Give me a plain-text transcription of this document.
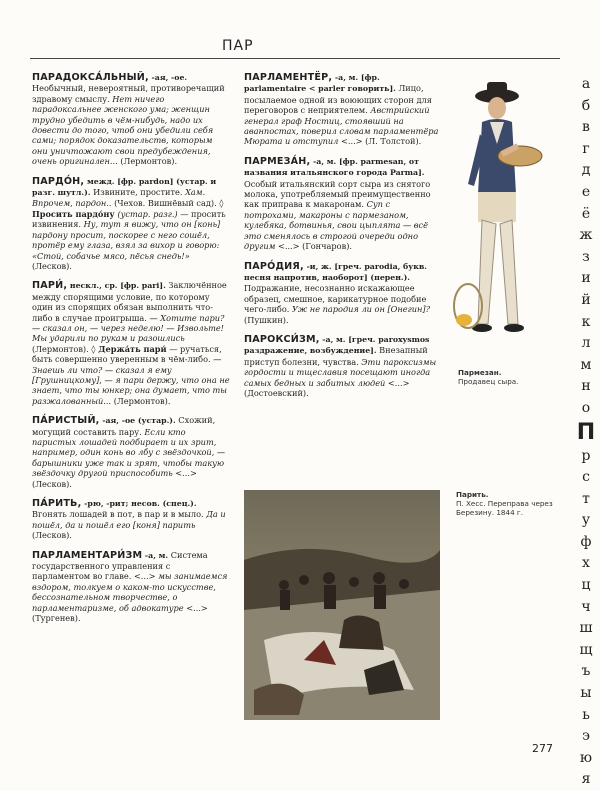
ПАР
ПАРАДОКСА́ЛЬНЫЙ, -ая, -ое. Необычный, невероятный, противоречащий здравому смыслу. Нет ничего парадоксальнее женского ума; женщин трудно убедить в чём-нибудь, надо их довести до того, чтоб они убедили себя сами; порядок доказательств, которым они уничтожают свои предубеждения, очень оригинален... (Лермонтов).
ПАРДО́Н, межд. [фр. pardon] (устар. и разг. шутл.). Извините, простите. Хам. Впрочем, пардон.. (Чехов. Вишнёвый сад). ◊ Просить пардо́ну (устар. разг.) — просить извинения. Ну, тут я вижу, что он [конь] пардону просит, поскорее с него сошёл, протёр ему глаза, взял за вихор и говорю: «Стой, собачье мясо, пёсья снедь!» (Лесков).
ПАРИ́, нескл., ср. [фр. pari]. Заключённое между спорящими условие, по которому один из спорящих обязан выполнить что-либо в случае проигрыша. — Хотите пари? — сказал он, — через неделю! — Извольте! Мы ударили по рукам и разошлись (Лермонтов). ◊ Держа́ть пари́ — ручаться, быть совершенно уверенным в чём-либо. — Знаешь ли что? — сказал я ему [Грушницкому], — я пари держу, что она не знает, что ты юнкер; она думает, что ты разжалованный... (Лермонтов).
ПА́РИСТЫЙ, -ая, -ое (устар.). Схожий, могущий составить пару. Если кто паристых лошадей подбирает и их зрит, например, один конь во лбу с звёздочкой, — барышники уже так и зрят, чтобы такую звёздочку другой приспособить <...> (Лесков).
ПА́РИТЬ, -рю, -рит; несов. (спец.). Вгонять лошадей в пот, в пар и в мыло. Да и пошёл, да и пошёл его [коня] парить (Лесков).
ПАРЛАМЕНТАРИ́ЗМ -а, м. Система государственного управления с парламентом во главе. <...> мы занимаемся вздором, толкуем о каком-то искусстве, бессознательном творчестве, о парламентаризме, об адвокатуре <...> (Тургенев).
ПАРЛАМЕНТЁР, -а, м. [фр. parlamentaire < parler говорить]. Лицо, посылаемое одной из воюющих сторон для переговоров с неприятелем. Австрийский генерал граф Ностиц, стоявший на аванпостах, поверил словам парламентёра Мюрата и отступил <...> (Л. Толстой).
ПАРМЕЗА́Н, -а, м. [фр. parmesan, от названия итальянского города Parma]. Особый итальянский сорт сыра из снятого молока, употребляемый преимущественно как приправа к макаронам. Суп с потрохами, макароны с пармезаном, кулебяка, ботвинья, свои цыплята — всё это сменялось в строгой очереди одно другим <...> (Гончаров).
ПАРО́ДИЯ, -и, ж. [греч. parodia, букв. песня напротив, наоборот] (перен.). Подражание, несознанно искажающее образец, смешное, карикатурное подобие чего-либо. Уж не пародия ли он [Онегин]? (Пушкин).
ПАРОКСИ́ЗМ, -а, м. [греч. paroxysmos раздражение, возбуждение]. Внезапный приступ болезни, чувства. Эти пароксизмы гордости и тщеславия посещают иногда самых бедных и забитых людей <...> (Достоевский).
Пармезан.
Продавец сыра.
Парить.
П. Хесс. Переправа через Березину. 1844 г.
а
б
в
г
д
е
ё
ж
з
и
й
к
л
м
н
о
П
р
с
т
у
ф
х
ц
ч
ш
щ
ъ
ы
ь
э
ю
я
277
